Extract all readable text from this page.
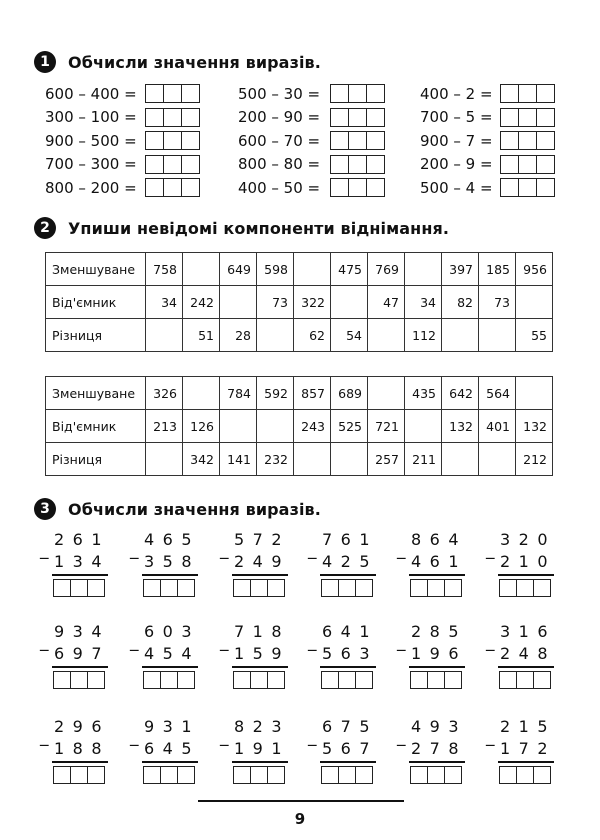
1	Обчисли значення виразів.
600 – 400 =
300 – 100 =
900 – 500 =
700 – 300 =
800 – 200 =
500 – 30 =
200 – 90 =
600 – 70 =
800 – 80 =
400 – 50 =
400 – 2 =
700 – 5 =
900 – 7 =
200 – 9 =
500 – 4 =
2	Упиши невідомі компоненти віднімання.
Зменшуване	758		649	598		475	769		397	185	956
Від'ємник	34	242		73	322		47	34	82	73	
Різниця		51	28		62	54		112			55
Зменшуване	326		784	592	857	689		435	642	564	
Від'ємник	213	126			243	525	721		132	401	132
Різниця		342	141	232			257	211			212
3	Обчисли значення виразів.
_
261
134
_
465
358
_
572
249
_
761
425
_
864
461
_
320
210
_
934
697
_
603
454
_
718
159
_
641
563
_
285
196
_
316
248
_
296
188
_
931
645
_
823
191
_
675
567
_
493
278
_
215
172
9
